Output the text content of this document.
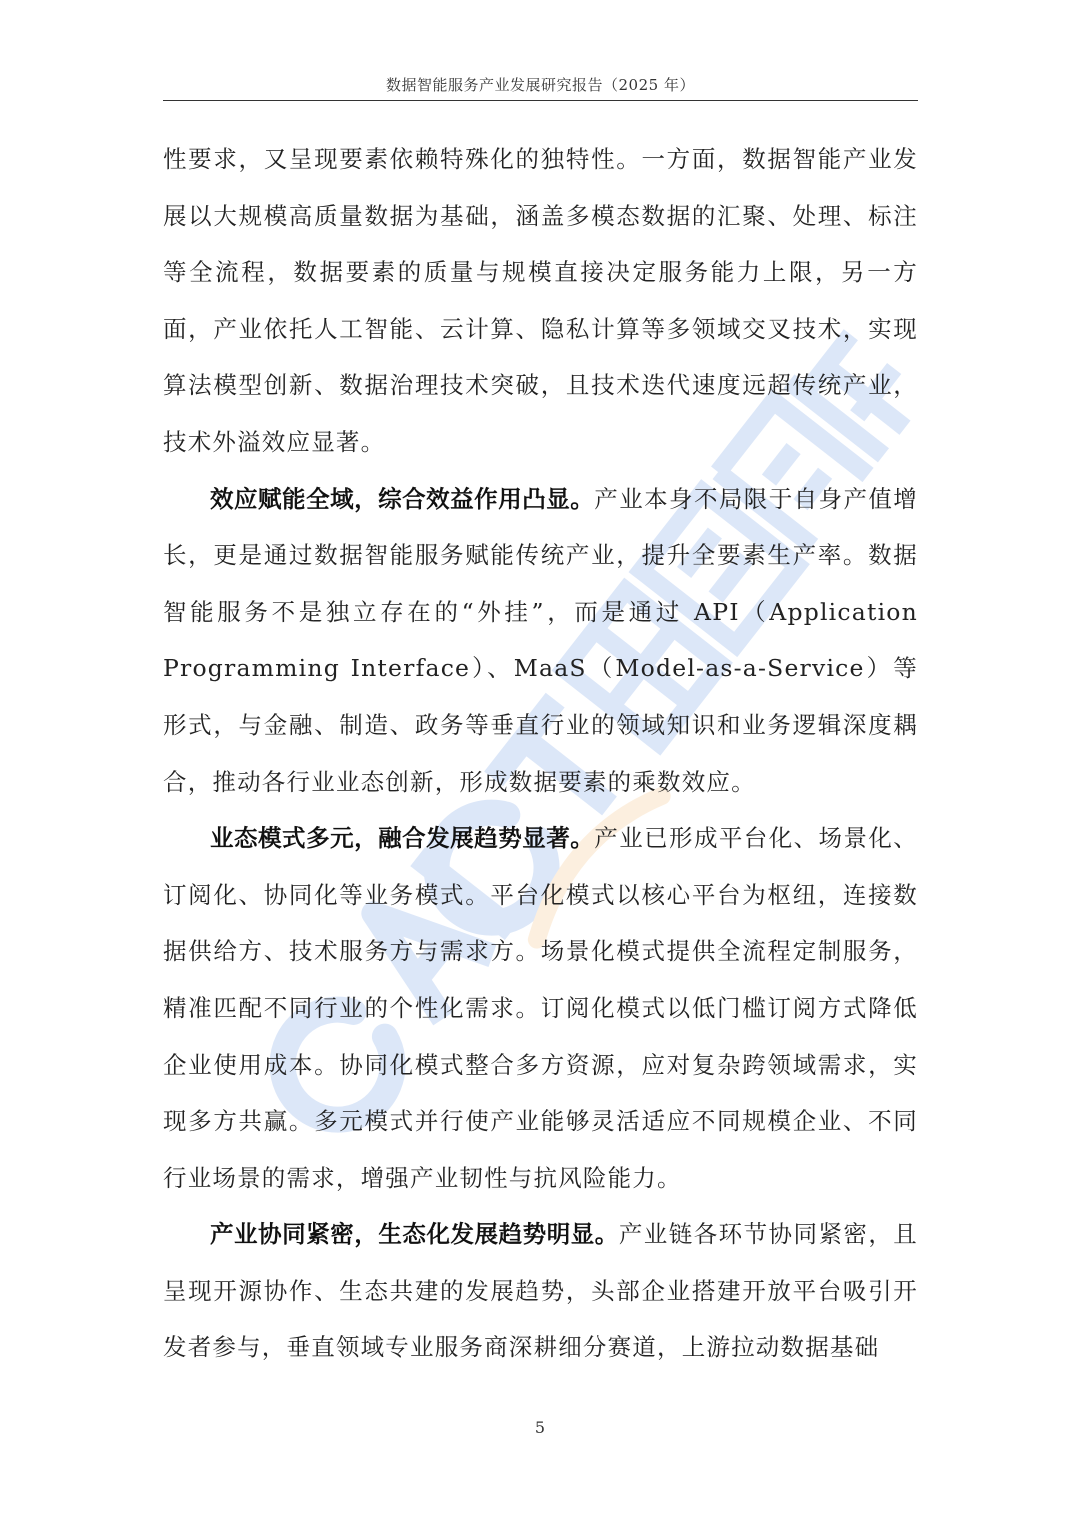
数据智能服务产业发展研究报告（2025 年）

性要求，又呈现要素依赖特殊化的独特性。一方面，数据智能产业发展以大规模高质量数据为基础，涵盖多模态数据的汇聚、处理、标注等全流程，数据要素的质量与规模直接决定服务能力上限，另一方面，产业依托人工智能、云计算、隐私计算等多领域交叉技术，实现算法模型创新、数据治理技术突破，且技术迭代速度远超传统产业，技术外溢效应显著。

效应赋能全域，综合效益作用凸显。产业本身不局限于自身产值增长，更是通过数据智能服务赋能传统产业，提升全要素生产率。数据智能服务不是独立存在的“外挂”，而是通过 API（Application Programming Interface）、MaaS（Model-as-a-Service）等形式，与金融、制造、政务等垂直行业的领域知识和业务逻辑深度耦合，推动各行业业态创新，形成数据要素的乘数效应。

业态模式多元，融合发展趋势显著。产业已形成平台化、场景化、订阅化、协同化等业务模式。平台化模式以核心平台为枢纽，连接数据供给方、技术服务方与需求方。场景化模式提供全流程定制服务，精准匹配不同行业的个性化需求。订阅化模式以低门槛订阅方式降低企业使用成本。协同化模式整合多方资源，应对复杂跨领域需求，实现多方共赢。多元模式并行使产业能够灵活适应不同规模企业、不同行业场景的需求，增强产业韧性与抗风险能力。

产业协同紧密，生态化发展趋势明显。产业链各环节协同紧密，且呈现开源协作、生态共建的发展趋势，头部企业搭建开放平台吸引开发者参与，垂直领域专业服务商深耕细分赛道，上游拉动数据基础

5
